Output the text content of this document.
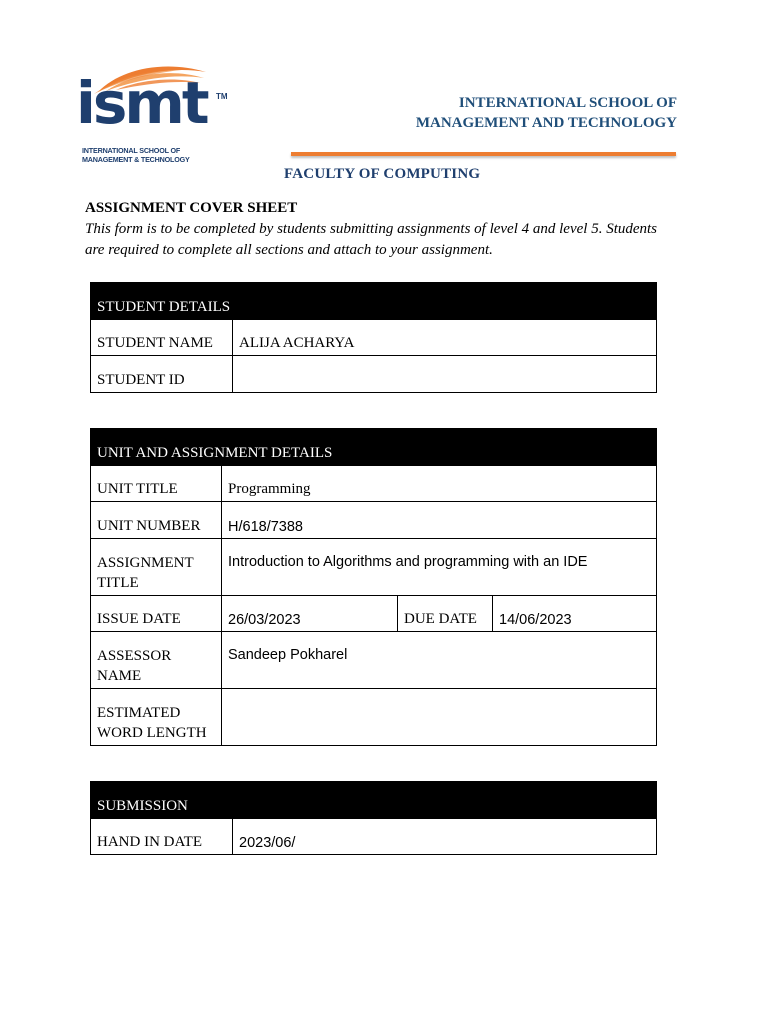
ismt TM
INTERNATIONAL SCHOOL OF
MANAGEMENT & TECHNOLOGY
INTERNATIONAL SCHOOL OF
MANAGEMENT AND TECHNOLOGY
FACULTY OF COMPUTING
ASSIGNMENT COVER SHEET
This form is to be completed by students submitting assignments of level 4 and level 5. Students are required to complete all sections and attach to your assignment.
STUDENT DETAILS	
STUDENT NAME	ALIJA ACHARYA
STUDENT ID	
UNIT AND ASSIGNMENT DETAILS			
UNIT TITLE	Programming		
UNIT NUMBER	H/618/7388		
ASSIGNMENT TITLE	Introduction to Algorithms and programming with an IDE		
ISSUE DATE	26/03/2023	DUE DATE	14/06/2023
ASSESSOR NAME	Sandeep Pokharel		
ESTIMATED WORD LENGTH			
SUBMISSION
HAND IN DATE	2023/06/
